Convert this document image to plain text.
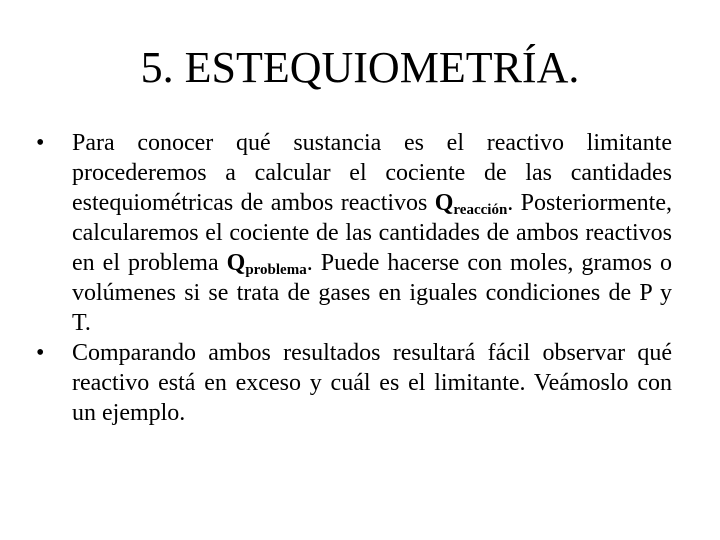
5. ESTEQUIOMETRÍA.
•	Para conocer qué sustancia es el reactivo limitante procederemos a calcular el cociente de las cantidades estequiométricas de ambos reactivos $Q_{reacción}$. Posteriormente, calcularemos el cociente de las cantidades de ambos reactivos en el problema $Q_{problema}$. Puede hacerse con moles, gramos o volúmenes si se trata de gases en iguales condiciones de P y T.
•	Comparando ambos resultados resultará fácil observar qué reactivo está en exceso y cuál es el limitante. Veámoslo con un ejemplo.
